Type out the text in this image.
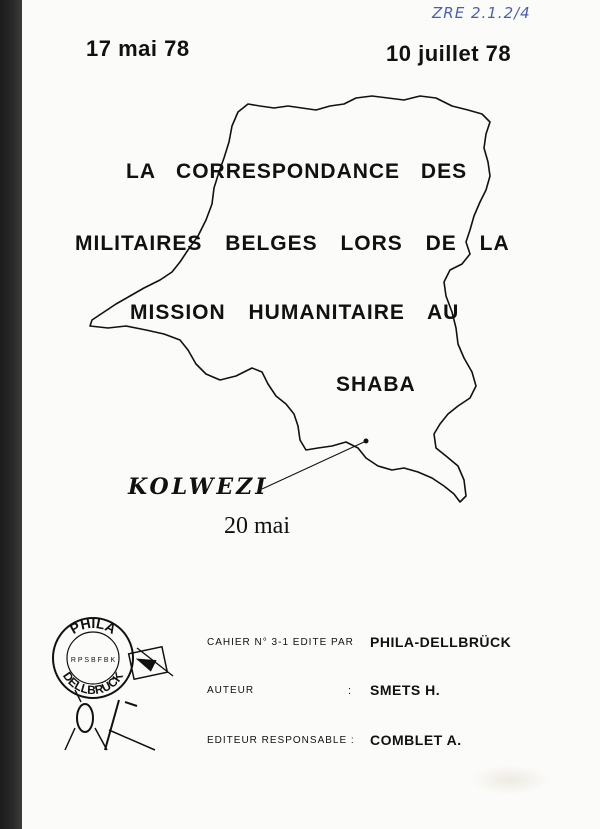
ZRE 2.1.2/4
17 mai 78	10 juillet 78
LA CORRESPONDANCE DES
MILITAIRES BELGES LORS DE LA
MISSION HUMANITAIRE AU
SHABA
KOLWEZI
20 mai
PHILA
DELLBRÜCK
R P S B F B K
CAHIER N° 3-1 EDITE PAR PHILA-DELLBRÜCK
AUTEUR	: SMETS H.
EDITEUR RESPONSABLE : COMBLET A.
